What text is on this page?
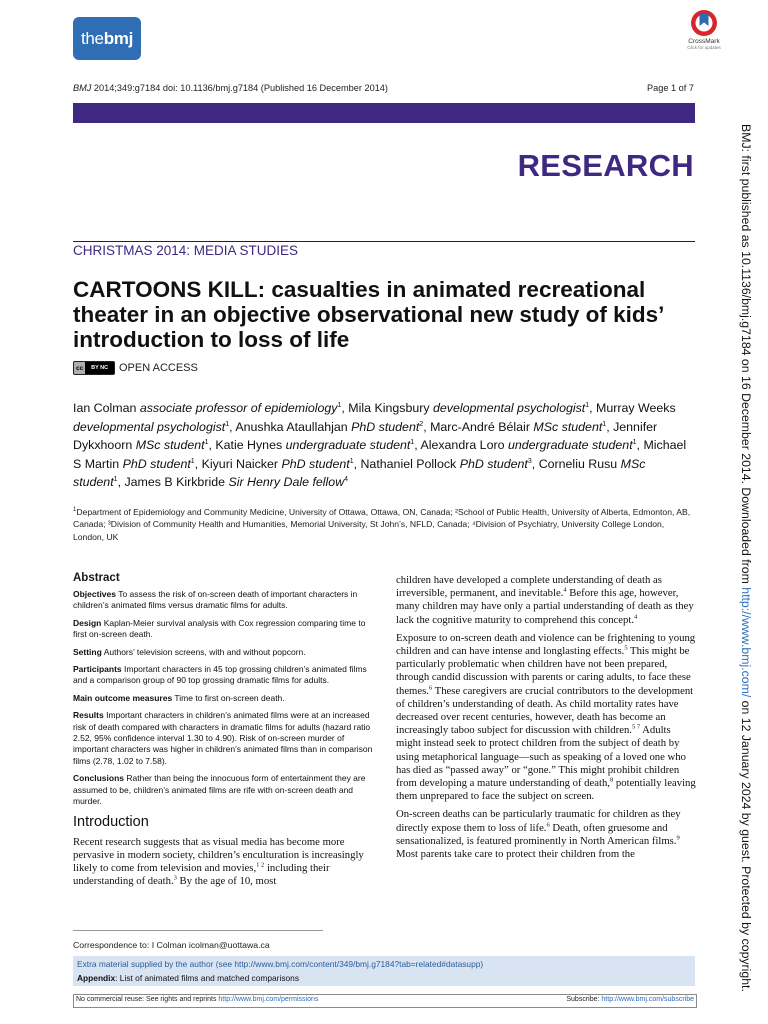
the bmj	CrossMark
Click for updates
BMJ 2014;349:g7184 doi: 10.1136/bmj.g7184 (Published 16 December 2014)	Page 1 of 7
RESEARCH
CHRISTMAS 2014: MEDIA STUDIES
CARTOONS KILL: casualties in animated recreational theater in an objective observational new study of kids’ introduction to loss of life
cc	BY NC OPEN ACCESS
Ian Colman associate professor of epidemiology$^1$, Mila Kingsbury developmental psychologist$^1$, Murray Weeks developmental psychologist$^1$, Anushka Ataullahjan PhD student$^2$, Marc-André Bélair MSc student$^1$, Jennifer Dykxhoorn MSc student$^1$, Katie Hynes undergraduate student$^1$, Alexandra Loro undergraduate student$^1$, Michael S Martin PhD student$^1$, Kiyuri Naicker PhD student$^1$, Nathaniel Pollock PhD student$^3$, Corneliu Rusu MSc student$^1$, James B Kirkbride Sir Henry Dale fellow$^4$
$^1$Department of Epidemiology and Community Medicine, University of Ottawa, Ottawa, ON, Canada; ²School of Public Health, University of Alberta, Edmonton, AB, Canada; ³Division of Community Health and Humanities, Memorial University, St John’s, NFLD, Canada; ⁴Division of Psychiatry, University College London, London, UK
Abstract

Objectives To assess the risk of on-screen death of important characters in children’s animated films versus dramatic films for adults.

Design Kaplan-Meier survival analysis with Cox regression comparing time to first on-screen death.

Setting Authors’ television screens, with and without popcorn.

Participants Important characters in 45 top grossing children’s animated films and a comparison group of 90 top grossing dramatic films for adults.

Main outcome measures Time to first on-screen death.

Results Important characters in children’s animated films were at an increased risk of death compared with characters in dramatic films for adults (hazard ratio 2.52, 95% confidence interval 1.30 to 4.90). Risk of on-screen murder of important characters was higher in children’s animated films than in comparison films (2.78, 1.02 to 7.58).

Conclusions Rather than being the innocuous form of entertainment they are assumed to be, children’s animated films are rife with on-screen death and murder.

Introduction

Recent research suggests that as visual media has become more pervasive in modern society, children’s enculturation is increasingly likely to come from television and movies,$^{1 2}$ including their understanding of death.$^3$ By the age of 10, most

children have developed a complete understanding of death as irreversible, permanent, and inevitable.$^4$ Before this age, however, many children may have only a partial understanding of death as they lack the cognitive maturity to comprehend this concept.$^4$

Exposure to on-screen death and violence can be frightening to young children and can have intense and longlasting effects.$^5$ This might be particularly problematic when children have not been prepared, through candid discussion with parents or caring adults, to face these themes.$^6$ These caregivers are crucial contributors to the development of children’s understanding of death. As child mortality rates have decreased over recent centuries, however, death has become an increasingly taboo subject for discussion with children.$^{5 7}$ Adults might instead seek to protect children from the subject of death by using metaphorical language—such as speaking of a loved one who has died as “passed away” or “gone.” This might prohibit children from developing a mature understanding of death,$^8$ potentially leaving them unprepared to face the subject on screen.

On-screen deaths can be particularly traumatic for children as they directly expose them to loss of life.$^6$ Death, often gruesome and sensationalized, is featured prominently in North American films.$^9$ Most parents take care to protect their children from the

Correspondence to: I Colman icolman@uottawa.ca
Extra material supplied by the author (see http://www.bmj.com/content/349/bmj.g7184?tab=related#datasupp)
Appendix: List of animated films and matched comparisons
No commercial reuse: See rights and reprints http://www.bmj.com/permissions	Subscribe: http://www.bmj.com/subscribe
BMJ: first published as 10.1136/bmj.g7184 on 16 December 2014. Downloaded from http://www.bmj.com/ on 12 January 2024 by guest. Protected by copyright.
